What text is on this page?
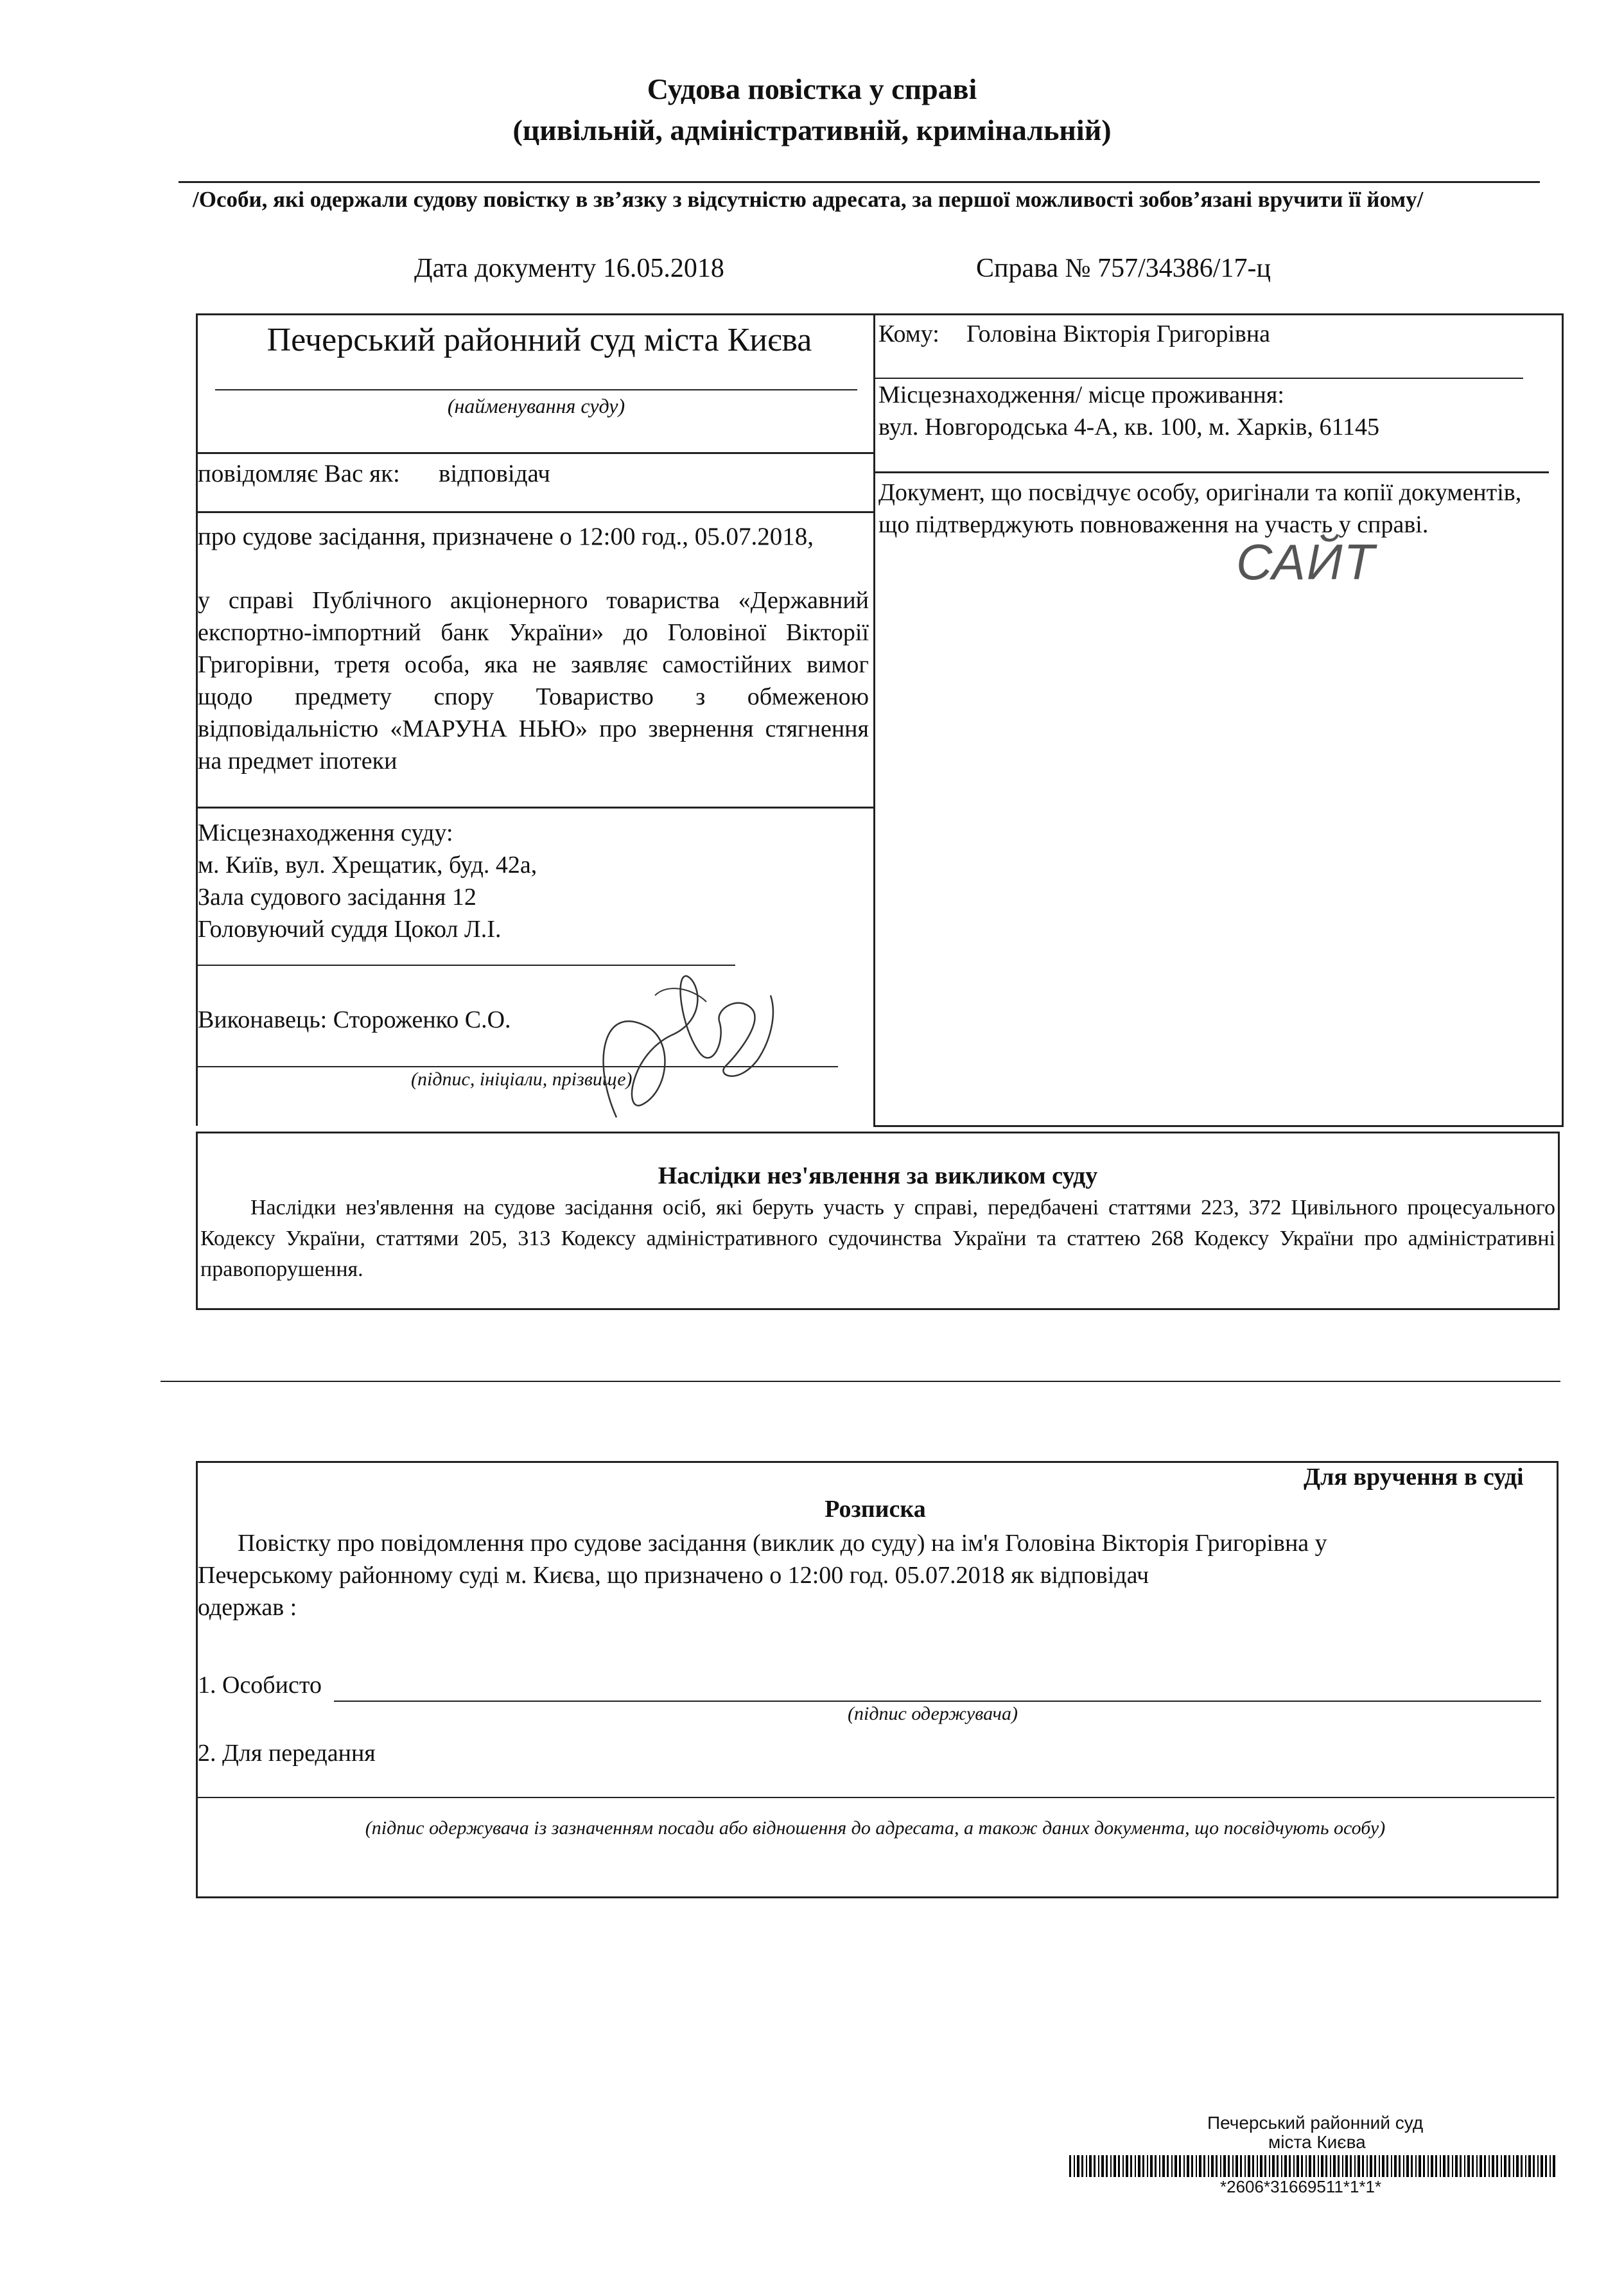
Судова повістка у справі
(цивільній, адміністративній, кримінальній)
/Особи, які одержали судову повістку в зв’язку з відсутністю адресата, за першої можливості зобов’язані вручити її йому/
Дата документу 16.05.2018	Справа № 757/34386/17-ц
Печерський районний суд міста Києва
(найменування суду)
повідомляє Вас як: відповідач
про судове засідання, призначене о 12:00 год., 05.07.2018,
у справі Публічного акціонерного товариства «Державний експортно-імпортний банк України» до Головіної Вікторії Григорівни, третя особа, яка не заявляє самостійних вимог щодо предмету спору Товариство з обмеженою відповідальністю «МАРУНА НЬЮ» про звернення стягнення на предмет іпотеки
Місцезнаходження суду:
м. Київ, вул. Хрещатик, буд. 42а,
Зала судового засідання 12
Головуючий суддя Цокол Л.І.
Виконавець: Стороженко С.О.
(підпис, ініціали, прізвище)
Кому: Головіна Вікторія Григорівна
Місцезнаходження/ місце проживання:
вул. Новгородська 4-А, кв. 100, м. Харків, 61145
Документ, що посвідчує особу, оригінали та копії документів, що підтверджують повноваження на участь у справі.
САЙТ
Наслідки нез'явлення за викликом суду
Наслідки нез'явлення на судове засідання осіб, які беруть участь у справі, передбачені статтями 223, 372 Цивільного процесуального Кодексу України, статтями 205, 313 Кодексу адміністративного судочинства України та статтею 268 Кодексу України про адміністративні правопорушення.
Для вручення в суді
Розписка
Повістку про повідомлення про судове засідання (виклик до суду) на ім'я Головіна Вікторія Григорівна у
Печерському районному суді м. Києва, що призначено о 12:00 год. 05.07.2018 як відповідач
одержав :
1. Особисто
(підпис одержувача)
2. Для передання
(підпис одержувача із зазначенням посади або відношення до адресата, а також даних документа, що посвідчують особу)
Печерський районний суд
міста Києва
*2606*31669511*1*1*
